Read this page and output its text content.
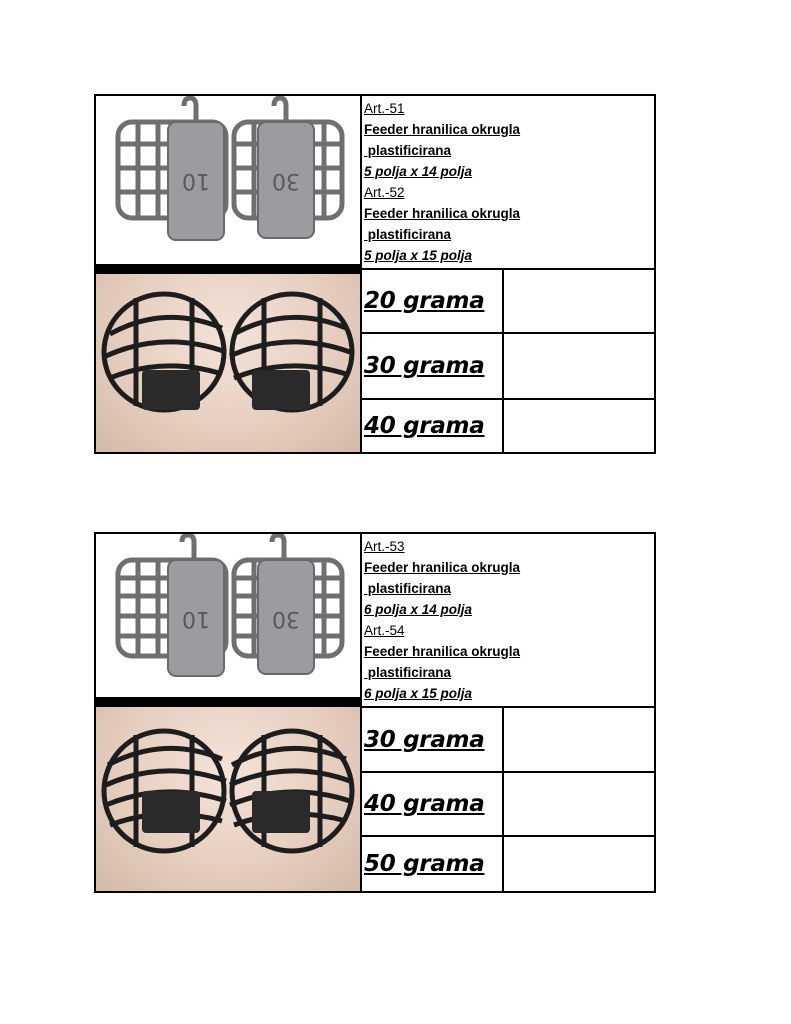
10	30
Art.-51
Feeder hranilica okrugla
plastificirana
5 polja x 14 polja
Art.-52
Feeder hranilica okrugla
plastificirana
5 polja x 15 polja
20 grama
30 grama
40 grama
10	30
Art.-53
Feeder hranilica okrugla
plastificirana
6 polja x 14 polja
Art.-54
Feeder hranilica okrugla
plastificirana
6 polja x 15 polja
30 grama
40 grama
50 grama
